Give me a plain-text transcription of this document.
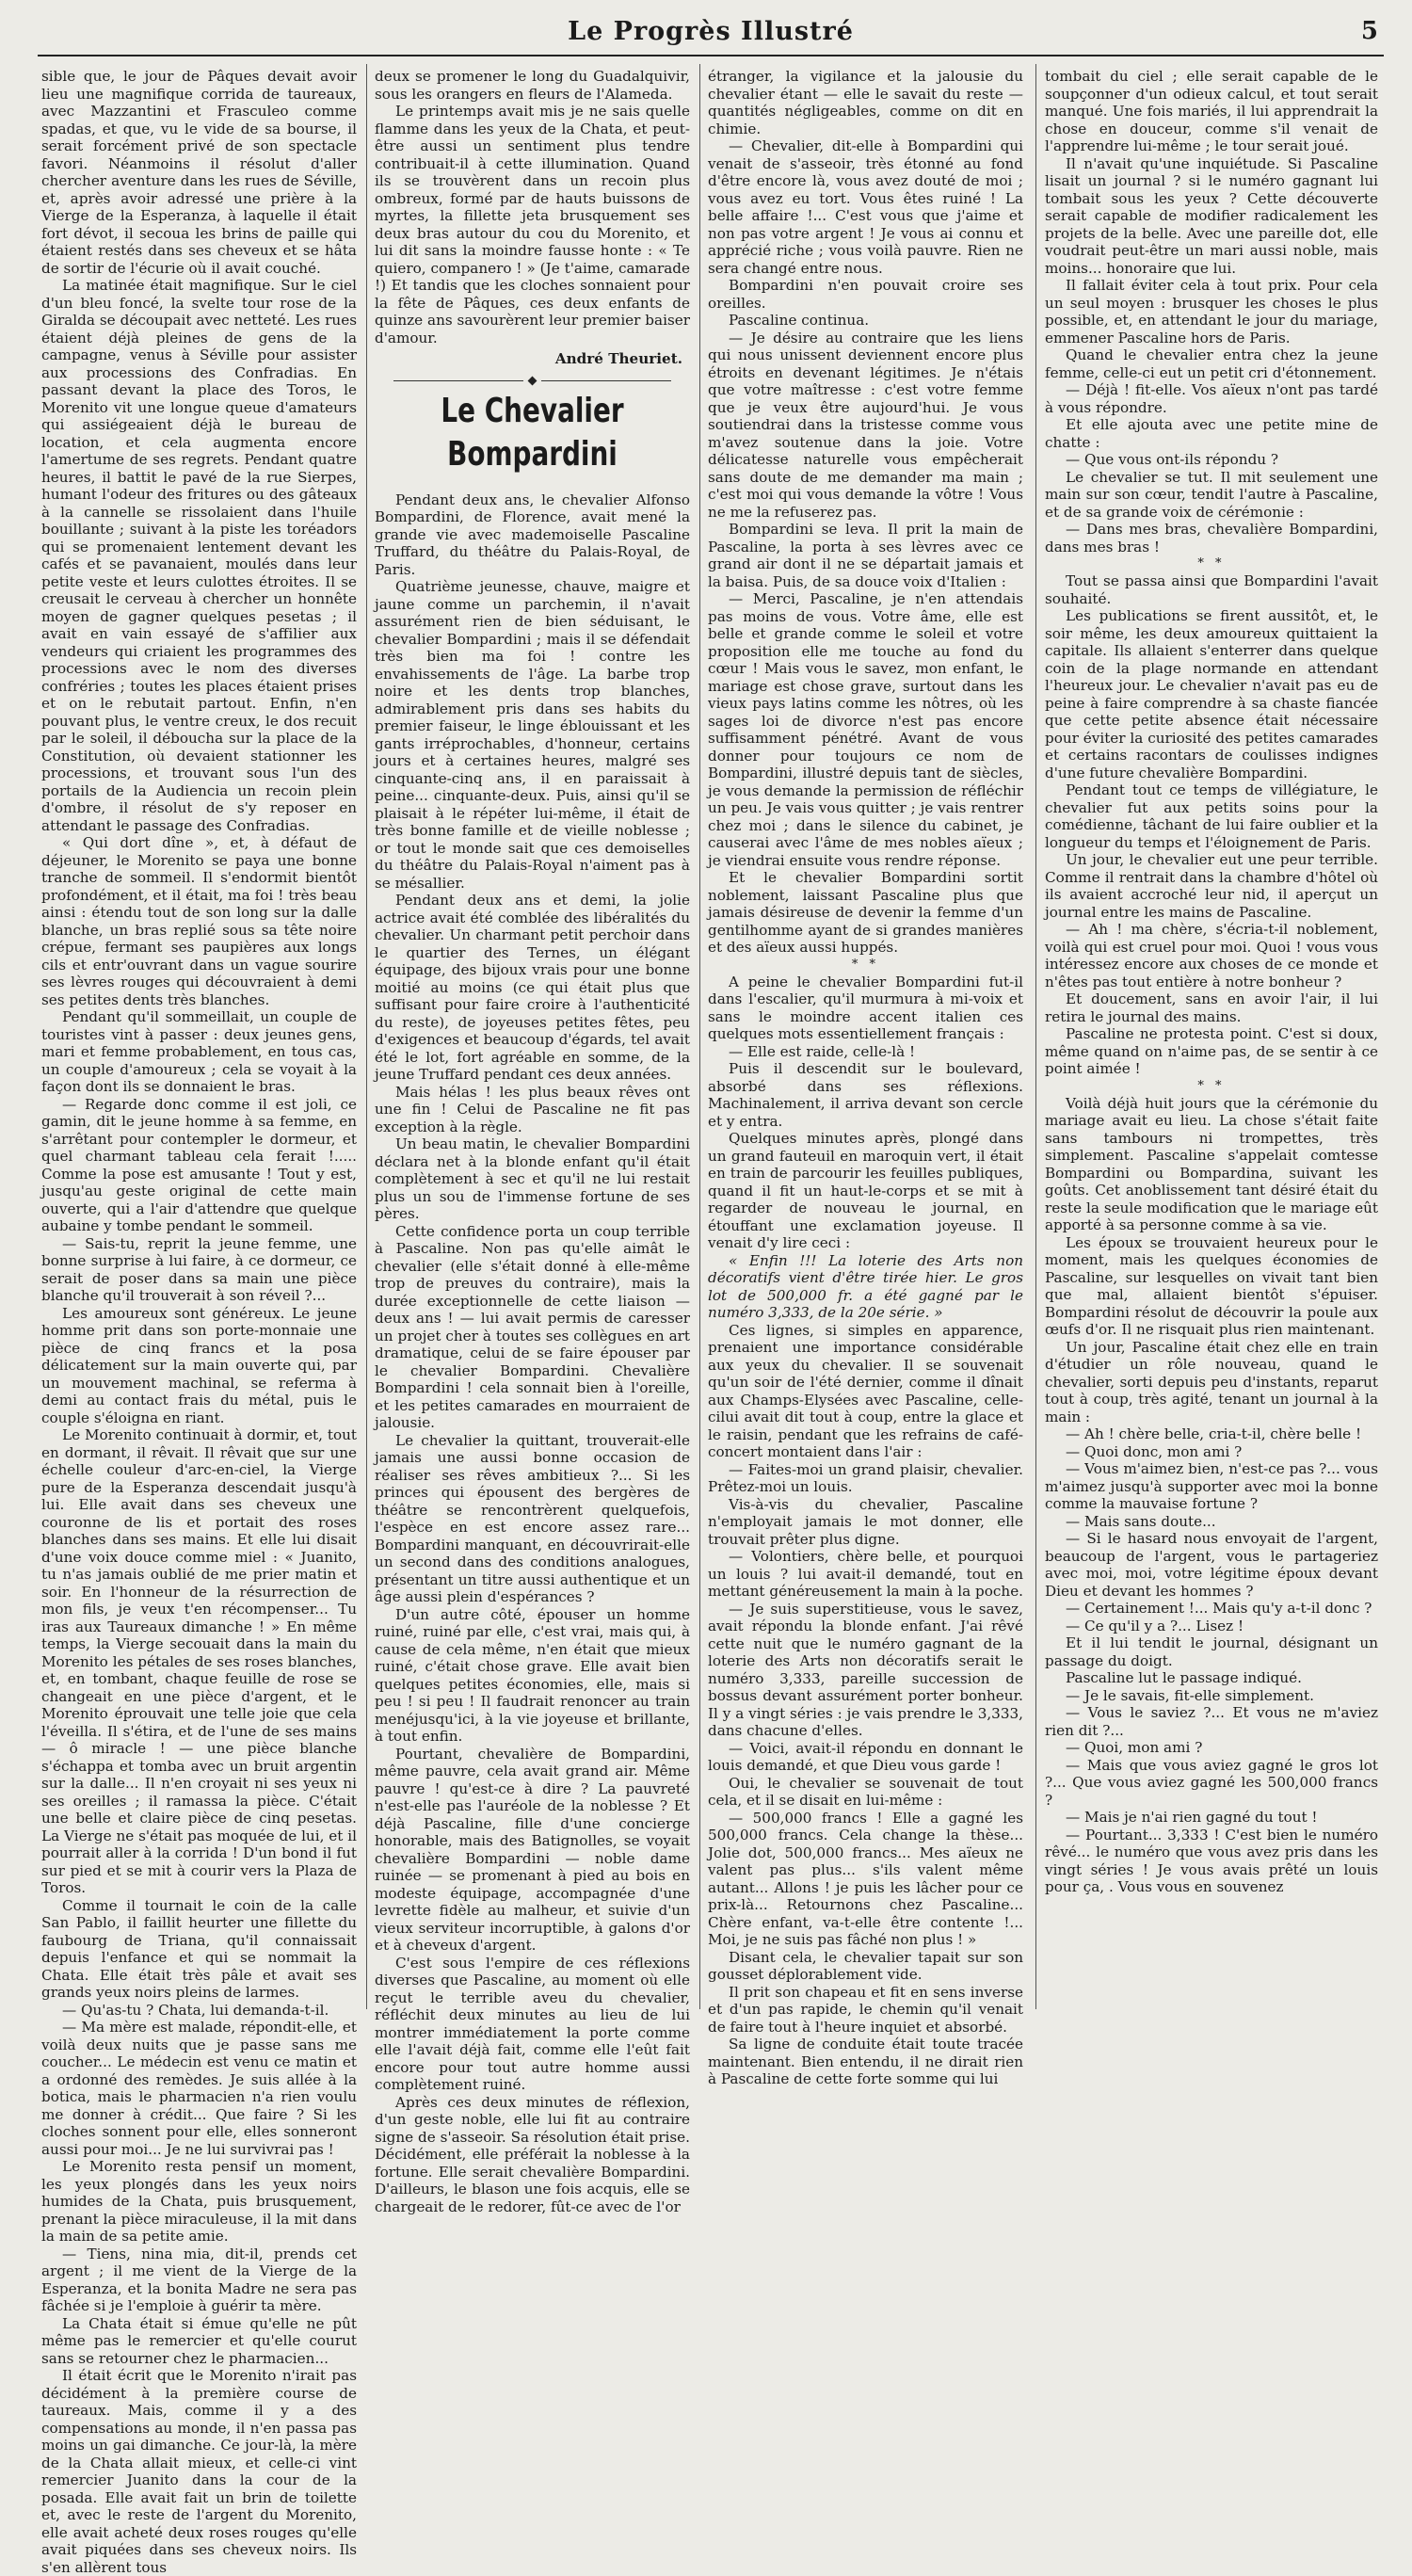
Le Progrès Illustré	5

sible que, le jour de Pâques devait avoir lieu une magnifique corrida de taureaux, avec Mazzantini et Frasculeo comme spadas, et que, vu le vide de sa bourse, il serait forcément privé de son spectacle favori. Néanmoins il résolut d'aller chercher aventure dans les rues de Séville, et, après avoir adressé une prière à la Vierge de la Esperanza, à laquelle il était fort dévot, il secoua les brins de paille qui étaient restés dans ses cheveux et se hâta de sortir de l'écurie où il avait couché.

La matinée était magnifique. Sur le ciel d'un bleu foncé, la svelte tour rose de la Giralda se découpait avec netteté. Les rues étaient déjà pleines de gens de la campagne, venus à Séville pour assister aux processions des Confradias. En passant devant la place des Toros, le Morenito vit une longue queue d'amateurs qui assiégeaient déjà le bureau de location, et cela augmenta encore l'amertume de ses regrets. Pendant quatre heures, il battit le pavé de la rue Sierpes, humant l'odeur des fritures ou des gâteaux à la cannelle se rissolaient dans l'huile bouillante ; suivant à la piste les toréadors qui se promenaient lentement devant les cafés et se pavanaient, moulés dans leur petite veste et leurs culottes étroites. Il se creusait le cerveau à chercher un honnête moyen de gagner quelques pesetas ; il avait en vain essayé de s'affilier aux vendeurs qui criaient les programmes des processions avec le nom des diverses confréries ; toutes les places étaient prises et on le rebutait partout. Enfin, n'en pouvant plus, le ventre creux, le dos recuit par le soleil, il déboucha sur la place de la Constitution, où devaient stationner les processions, et trouvant sous l'un des portails de la Audiencia un recoin plein d'ombre, il résolut de s'y reposer en attendant le passage des Confradias.

« Qui dort dîne », et, à défaut de déjeuner, le Morenito se paya une bonne tranche de sommeil. Il s'endormit bientôt profondément, et il était, ma foi ! très beau ainsi : étendu tout de son long sur la dalle blanche, un bras replié sous sa tête noire crépue, fermant ses paupières aux longs cils et entr'ouvrant dans un vague sourire ses lèvres rouges qui découvraient à demi ses petites dents très blanches.

Pendant qu'il sommeillait, un couple de touristes vint à passer : deux jeunes gens, mari et femme probablement, en tous cas, un couple d'amoureux ; cela se voyait à la façon dont ils se donnaient le bras.

— Regarde donc comme il est joli, ce gamin, dit le jeune homme à sa femme, en s'arrêtant pour contempler le dormeur, et quel charmant tableau cela ferait !..... Comme la pose est amusante ! Tout y est, jusqu'au geste original de cette main ouverte, qui a l'air d'attendre que quelque aubaine y tombe pendant le sommeil.

— Sais-tu, reprit la jeune femme, une bonne surprise à lui faire, à ce dormeur, ce serait de poser dans sa main une pièce blanche qu'il trouverait à son réveil ?...

Les amoureux sont généreux. Le jeune homme prit dans son porte-monnaie une pièce de cinq francs et la posa délicatement sur la main ouverte qui, par un mouvement machinal, se referma à demi au contact frais du métal, puis le couple s'éloigna en riant.

Le Morenito continuait à dormir, et, tout en dormant, il rêvait. Il rêvait que sur une échelle couleur d'arc-en-ciel, la Vierge pure de la Esperanza descendait jusqu'à lui. Elle avait dans ses cheveux une couronne de lis et portait des roses blanches dans ses mains. Et elle lui disait d'une voix douce comme miel : « Juanito, tu n'as jamais oublié de me prier matin et soir. En l'honneur de la résurrection de mon fils, je veux t'en récompenser... Tu iras aux Taureaux dimanche ! » En même temps, la Vierge secouait dans la main du Morenito les pétales de ses roses blanches, et, en tombant, chaque feuille de rose se changeait en une pièce d'argent, et le Morenito éprouvait une telle joie que cela l'éveilla. Il s'étira, et de l'une de ses mains — ô miracle ! — une pièce blanche s'échappa et tomba avec un bruit argentin sur la dalle... Il n'en croyait ni ses yeux ni ses oreilles ; il ramassa la pièce. C'était une belle et claire pièce de cinq pesetas. La Vierge ne s'était pas moquée de lui, et il pourrait aller à la corrida ! D'un bond il fut sur pied et se mit à courir vers la Plaza de Toros.

Comme il tournait le coin de la calle San Pablo, il faillit heurter une fillette du faubourg de Triana, qu'il connaissait depuis l'enfance et qui se nommait la Chata. Elle était très pâle et avait ses grands yeux noirs pleins de larmes.

— Qu'as-tu ? Chata, lui demanda-t-il.

— Ma mère est malade, répondit-elle, et voilà deux nuits que je passe sans me coucher... Le médecin est venu ce matin et a ordonné des remèdes. Je suis allée à la botica, mais le pharmacien n'a rien voulu me donner à crédit... Que faire ? Si les cloches sonnent pour elle, elles sonneront aussi pour moi... Je ne lui survivrai pas !

Le Morenito resta pensif un moment, les yeux plongés dans les yeux noirs humides de la Chata, puis brusquement, prenant la pièce miraculeuse, il la mit dans la main de sa petite amie.

— Tiens, nina mia, dit-il, prends cet argent ; il me vient de la Vierge de la Esperanza, et la bonita Madre ne sera pas fâchée si je l'emploie à guérir ta mère.

La Chata était si émue qu'elle ne pût même pas le remercier et qu'elle courut sans se retourner chez le pharmacien...

Il était écrit que le Morenito n'irait pas décidément à la première course de taureaux. Mais, comme il y a des compensations au monde, il n'en passa pas moins un gai dimanche. Ce jour-là, la mère de la Chata allait mieux, et celle-ci vint remercier Juanito dans la cour de la posada. Elle avait fait un brin de toilette et, avec le reste de l'argent du Morenito, elle avait acheté deux roses rouges qu'elle avait piquées dans ses cheveux noirs. Ils s'en allèrent tous

deux se promener le long du Guadalquivir, sous les orangers en fleurs de l'Alameda.

Le printemps avait mis je ne sais quelle flamme dans les yeux de la Chata, et peut-être aussi un sentiment plus tendre contribuait-il à cette illumination. Quand ils se trouvèrent dans un recoin plus ombreux, formé par de hauts buissons de myrtes, la fillette jeta brusquement ses deux bras autour du cou du Morenito, et lui dit sans la moindre fausse honte : « Te quiero, companero ! » (Je t'aime, camarade !) Et tandis que les cloches sonnaient pour la fête de Pâques, ces deux enfants de quinze ans savourèrent leur premier baiser d'amour.

André Theuriet.
Le Chevalier Bompardini

Pendant deux ans, le chevalier Alfonso Bompardini, de Florence, avait mené la grande vie avec mademoiselle Pascaline Truffard, du théâtre du Palais-Royal, de Paris.

Quatrième jeunesse, chauve, maigre et jaune comme un parchemin, il n'avait assurément rien de bien séduisant, le chevalier Bompardini ; mais il se défendait très bien ma foi ! contre les envahissements de l'âge. La barbe trop noire et les dents trop blanches, admirablement pris dans ses habits du premier faiseur, le linge éblouissant et les gants irréprochables, d'honneur, certains jours et à certaines heures, malgré ses cinquante-cinq ans, il en paraissait à peine... cinquante-deux. Puis, ainsi qu'il se plaisait à le répéter lui-même, il était de très bonne famille et de vieille noblesse ; or tout le monde sait que ces demoiselles du théâtre du Palais-Royal n'aiment pas à se mésallier.

Pendant deux ans et demi, la jolie actrice avait été comblée des libéralités du chevalier. Un charmant petit perchoir dans le quartier des Ternes, un élégant équipage, des bijoux vrais pour une bonne moitié au moins (ce qui était plus que suffisant pour faire croire à l'authenticité du reste), de joyeuses petites fêtes, peu d'exigences et beaucoup d'égards, tel avait été le lot, fort agréable en somme, de la jeune Truffard pendant ces deux années.

Mais hélas ! les plus beaux rêves ont une fin ! Celui de Pascaline ne fit pas exception à la règle.

Un beau matin, le chevalier Bompardini déclara net à la blonde enfant qu'il était complètement à sec et qu'il ne lui restait plus un sou de l'immense fortune de ses pères.

Cette confidence porta un coup terrible à Pascaline. Non pas qu'elle aimât le chevalier (elle s'était donné à elle-même trop de preuves du contraire), mais la durée exceptionnelle de cette liaison — deux ans ! — lui avait permis de caresser un projet cher à toutes ses collègues en art dramatique, celui de se faire épouser par le chevalier Bompardini. Chevalière Bompardini ! cela sonnait bien à l'oreille, et les petites camarades en mourraient de jalousie.

Le chevalier la quittant, trouverait-elle jamais une aussi bonne occasion de réaliser ses rêves ambitieux ?... Si les princes qui épousent des bergères de théâtre se rencontrèrent quelquefois, l'espèce en est encore assez rare... Bompardini manquant, en découvrirait-elle un second dans des conditions analogues, présentant un titre aussi authentique et un âge aussi plein d'espérances ?

D'un autre côté, épouser un homme ruiné, ruiné par elle, c'est vrai, mais qui, à cause de cela même, n'en était que mieux ruiné, c'était chose grave. Elle avait bien quelques petites économies, elle, mais si peu ! si peu ! Il faudrait renoncer au train menéjusqu'ici, à la vie joyeuse et brillante, à tout enfin.

Pourtant, chevalière de Bompardini, même pauvre, cela avait grand air. Même pauvre ! qu'est-ce à dire ? La pauvreté n'est-elle pas l'auréole de la noblesse ? Et déjà Pascaline, fille d'une concierge honorable, mais des Batignolles, se voyait chevalière Bompardini — noble dame ruinée — se promenant à pied au bois en modeste équipage, accompagnée d'une levrette fidèle au malheur, et suivie d'un vieux serviteur incorruptible, à galons d'or et à cheveux d'argent.

C'est sous l'empire de ces réflexions diverses que Pascaline, au moment où elle reçut le terrible aveu du chevalier, réfléchit deux minutes au lieu de lui montrer immédiatement la porte comme elle l'avait déjà fait, comme elle l'eût fait encore pour tout autre homme aussi complètement ruiné.

Après ces deux minutes de réflexion, d'un geste noble, elle lui fit au contraire signe de s'asseoir. Sa résolution était prise. Décidément, elle préférait la noblesse à la fortune. Elle serait chevalière Bompardini. D'ailleurs, le blason une fois acquis, elle se chargeait de le redorer, fût-ce avec de l'or

étranger, la vigilance et la jalousie du chevalier étant — elle le savait du reste — quantités négligeables, comme on dit en chimie.

— Chevalier, dit-elle à Bompardini qui venait de s'asseoir, très étonné au fond d'être encore là, vous avez douté de moi ; vous avez eu tort. Vous êtes ruiné ! La belle affaire !... C'est vous que j'aime et non pas votre argent ! Je vous ai connu et apprécié riche ; vous voilà pauvre. Rien ne sera changé entre nous.

Bompardini n'en pouvait croire ses oreilles.

Pascaline continua.

— Je désire au contraire que les liens qui nous unissent deviennent encore plus étroits en devenant légitimes. Je n'étais que votre maîtresse : c'est votre femme que je veux être aujourd'hui. Je vous soutiendrai dans la tristesse comme vous m'avez soutenue dans la joie. Votre délicatesse naturelle vous empêcherait sans doute de me demander ma main ; c'est moi qui vous demande la vôtre ! Vous ne me la refuserez pas.

Bompardini se leva. Il prit la main de Pascaline, la porta à ses lèvres avec ce grand air dont il ne se départait jamais et la baisa. Puis, de sa douce voix d'Italien :

— Merci, Pascaline, je n'en attendais pas moins de vous. Votre âme, elle est belle et grande comme le soleil et votre proposition elle me touche au fond du cœur ! Mais vous le savez, mon enfant, le mariage est chose grave, surtout dans les vieux pays latins comme les nôtres, où les sages loi de divorce n'est pas encore suffisamment pénétré. Avant de vous donner pour toujours ce nom de Bompardini, illustré depuis tant de siècles, je vous demande la permission de réfléchir un peu. Je vais vous quitter ; je vais rentrer chez moi ; dans le silence du cabinet, je causerai avec l'âme de mes nobles aïeux ; je viendrai ensuite vous rendre réponse.

Et le chevalier Bompardini sortit noblement, laissant Pascaline plus que jamais désireuse de devenir la femme d'un gentilhomme ayant de si grandes manières et des aïeux aussi huppés.

* *

A peine le chevalier Bompardini fut-il dans l'escalier, qu'il murmura à mi-voix et sans le moindre accent italien ces quelques mots essentiellement français :

— Elle est raide, celle-là !

Puis il descendit sur le boulevard, absorbé dans ses réflexions. Machinalement, il arriva devant son cercle et y entra.

Quelques minutes après, plongé dans un grand fauteuil en maroquin vert, il était en train de parcourir les feuilles publiques, quand il fit un haut-le-corps et se mit à regarder de nouveau le journal, en étouffant une exclamation joyeuse. Il venait d'y lire ceci :

« Enfin !!! La loterie des Arts non décoratifs vient d'être tirée hier. Le gros lot de 500,000 fr. a été gagné par le numéro 3,333, de la 20e série. »

Ces lignes, si simples en apparence, prenaient une importance considérable aux yeux du chevalier. Il se souvenait qu'un soir de l'été dernier, comme il dînait aux Champs-Elysées avec Pascaline, celle-cilui avait dit tout à coup, entre la glace et le raisin, pendant que les refrains de café-concert montaient dans l'air :

— Faites-moi un grand plaisir, chevalier. Prêtez-moi un louis.

Vis-à-vis du chevalier, Pascaline n'employait jamais le mot donner, elle trouvait prêter plus digne.

— Volontiers, chère belle, et pourquoi un louis ? lui avait-il demandé, tout en mettant généreusement la main à la poche.

— Je suis superstitieuse, vous le savez, avait répondu la blonde enfant. J'ai rêvé cette nuit que le numéro gagnant de la loterie des Arts non décoratifs serait le numéro 3,333, pareille succession de bossus devant assurément porter bonheur. Il y a vingt séries : je vais prendre le 3,333, dans chacune d'elles.

— Voici, avait-il répondu en donnant le louis demandé, et que Dieu vous garde !

Oui, le chevalier se souvenait de tout cela, et il se disait en lui-même :

— 500,000 francs ! Elle a gagné les 500,000 francs. Cela change la thèse... Jolie dot, 500,000 francs... Mes aïeux ne valent pas plus... s'ils valent même autant... Allons ! je puis les lâcher pour ce prix-là... Retournons chez Pascaline... Chère enfant, va-t-elle être contente !... Moi, je ne suis pas fâché non plus ! »

Disant cela, le chevalier tapait sur son gousset déplorablement vide.

Il prit son chapeau et fit en sens inverse et d'un pas rapide, le chemin qu'il venait de faire tout à l'heure inquiet et absorbé.

Sa ligne de conduite était toute tracée maintenant. Bien entendu, il ne dirait rien à Pascaline de cette forte somme qui lui

tombait du ciel ; elle serait capable de le soupçonner d'un odieux calcul, et tout serait manqué. Une fois mariés, il lui apprendrait la chose en douceur, comme s'il venait de l'apprendre lui-même ; le tour serait joué.

Il n'avait qu'une inquiétude. Si Pascaline lisait un journal ? si le numéro gagnant lui tombait sous les yeux ? Cette découverte serait capable de modifier radicalement les projets de la belle. Avec une pareille dot, elle voudrait peut-être un mari aussi noble, mais moins... honoraire que lui.

Il fallait éviter cela à tout prix. Pour cela un seul moyen : brusquer les choses le plus possible, et, en attendant le jour du mariage, emmener Pascaline hors de Paris.

Quand le chevalier entra chez la jeune femme, celle-ci eut un petit cri d'étonnement.

— Déjà ! fit-elle. Vos aïeux n'ont pas tardé à vous répondre.

Et elle ajouta avec une petite mine de chatte :

— Que vous ont-ils répondu ?

Le chevalier se tut. Il mit seulement une main sur son cœur, tendit l'autre à Pascaline, et de sa grande voix de cérémonie :

— Dans mes bras, chevalière Bompardini, dans mes bras !

* *

Tout se passa ainsi que Bompardini l'avait souhaité.

Les publications se firent aussitôt, et, le soir même, les deux amoureux quittaient la capitale. Ils allaient s'enterrer dans quelque coin de la plage normande en attendant l'heureux jour. Le chevalier n'avait pas eu de peine à faire comprendre à sa chaste fiancée que cette petite absence était nécessaire pour éviter la curiosité des petites camarades et certains racontars de coulisses indignes d'une future chevalière Bompardini.

Pendant tout ce temps de villégiature, le chevalier fut aux petits soins pour la comédienne, tâchant de lui faire oublier et la longueur du temps et l'éloignement de Paris.

Un jour, le chevalier eut une peur terrible. Comme il rentrait dans la chambre d'hôtel où ils avaient accroché leur nid, il aperçut un journal entre les mains de Pascaline.

— Ah ! ma chère, s'écria-t-il noblement, voilà qui est cruel pour moi. Quoi ! vous vous intéressez encore aux choses de ce monde et n'êtes pas tout entière à notre bonheur ?

Et doucement, sans en avoir l'air, il lui retira le journal des mains.

Pascaline ne protesta point. C'est si doux, même quand on n'aime pas, de se sentir à ce point aimée !

* *

Voilà déjà huit jours que la cérémonie du mariage avait eu lieu. La chose s'était faite sans tambours ni trompettes, très simplement. Pascaline s'appelait comtesse Bompardini ou Bompardina, suivant les goûts. Cet anoblissement tant désiré était du reste la seule modification que le mariage eût apporté à sa personne comme à sa vie.

Les époux se trouvaient heureux pour le moment, mais les quelques économies de Pascaline, sur lesquelles on vivait tant bien que mal, allaient bientôt s'épuiser. Bompardini résolut de découvrir la poule aux œufs d'or. Il ne risquait plus rien maintenant.

Un jour, Pascaline était chez elle en train d'étudier un rôle nouveau, quand le chevalier, sorti depuis peu d'instants, reparut tout à coup, très agité, tenant un journal à la main :

— Ah ! chère belle, cria-t-il, chère belle !

— Quoi donc, mon ami ?

— Vous m'aimez bien, n'est-ce pas ?... vous m'aimez jusqu'à supporter avec moi la bonne comme la mauvaise fortune ?

— Mais sans doute...

— Si le hasard nous envoyait de l'argent, beaucoup de l'argent, vous le partageriez avec moi, moi, votre légitime époux devant Dieu et devant les hommes ?

— Certainement !... Mais qu'y a-t-il donc ?

— Ce qu'il y a ?... Lisez !

Et il lui tendit le journal, désignant un passage du doigt.

Pascaline lut le passage indiqué.

— Je le savais, fit-elle simplement.

— Vous le saviez ?... Et vous ne m'aviez rien dit ?...

— Quoi, mon ami ?

— Mais que vous aviez gagné le gros lot ?... Que vous aviez gagné les 500,000 francs ?

— Mais je n'ai rien gagné du tout !

— Pourtant... 3,333 ! C'est bien le numéro rêvé... le numéro que vous avez pris dans les vingt séries ! Je vous avais prêté un louis pour ça, . Vous vous en souvenez
